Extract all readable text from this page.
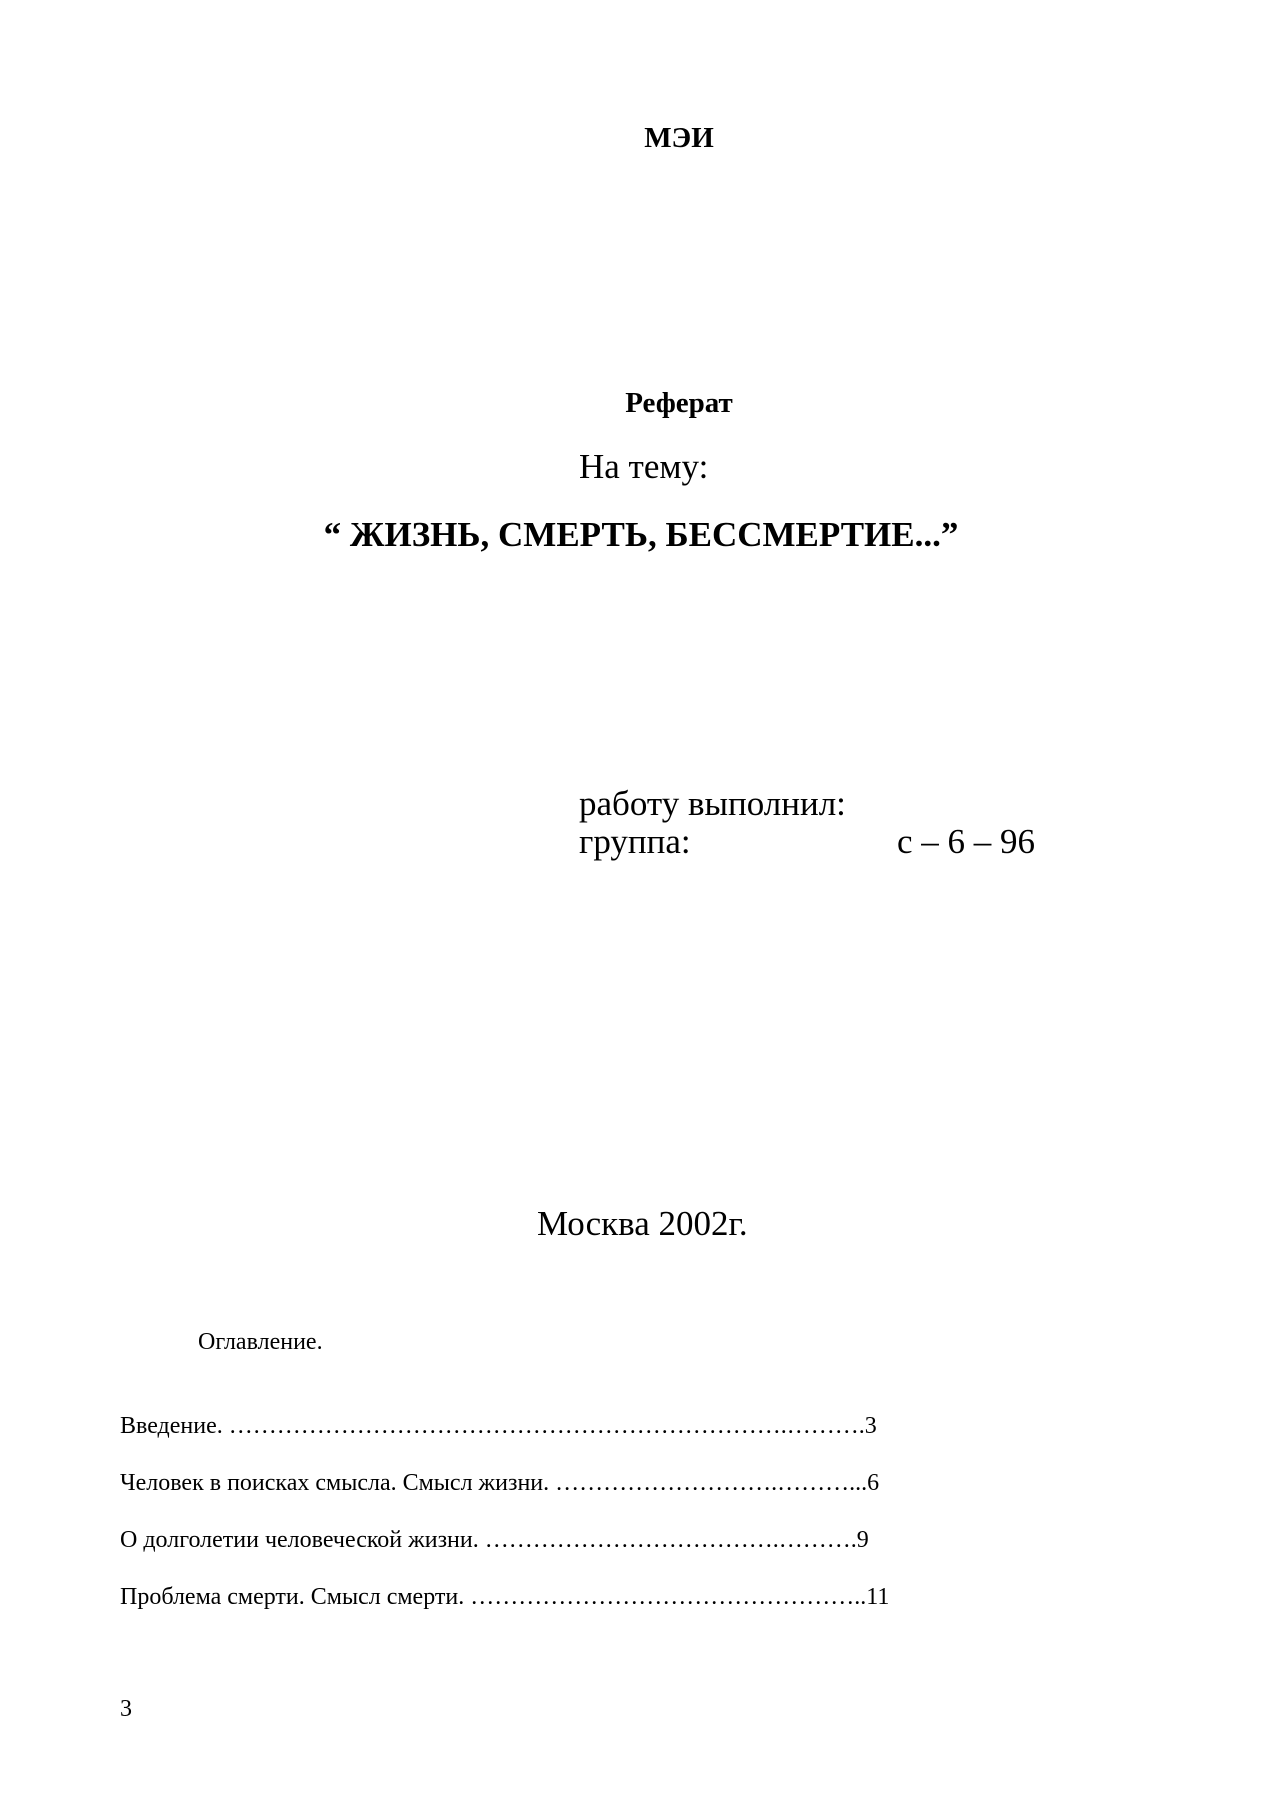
МЭИ
Реферат
На тему:
“ ЖИЗНЬ, СМЕРТЬ, БЕССМЕРТИЕ...”
работу выполнил:
группа:	с – 6 – 96
Москва 2002г.
Оглавление.
Введение. …………………………………………………………….……….3
Человек в поисках смысла. Смысл жизни. ……………………….………...6
О долголетии человеческой жизни. ……………………………….……….9
Проблема смерти. Смысл смерти. …………………………………………..11
3
